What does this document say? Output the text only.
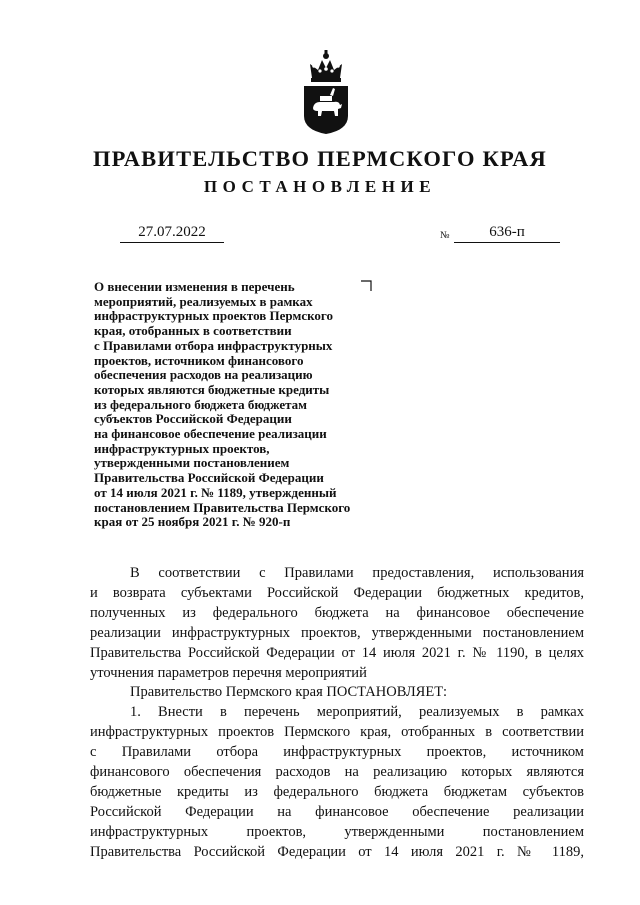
ПРАВИТЕЛЬСТВО ПЕРМСКОГО КРАЯ
ПОСТАНОВЛЕНИЕ
27.07.2022	№	636-п
О внесении изменения в перечень
мероприятий, реализуемых в рамках
инфраструктурных проектов Пермского
края, отобранных в соответствии
с Правилами отбора инфраструктурных
проектов, источником финансового
обеспечения расходов на реализацию
которых являются бюджетные кредиты
из федерального бюджета бюджетам
субъектов Российской Федерации
на финансовое обеспечение реализации
инфраструктурных проектов,
утвержденными постановлением
Правительства Российской Федерации
от 14 июля 2021 г. № 1189, утвержденный
постановлением Правительства Пермского
края от 25 ноября 2021 г. № 920-п
В соответствии с Правилами предоставления, использования
и возврата субъектами Российской Федерации бюджетных кредитов,
полученных из федерального бюджета на финансовое обеспечение
реализации инфраструктурных проектов, утвержденными постановлением
Правительства Российской Федерации от 14 июля 2021 г. № 1190, в целях
уточнения параметров перечня мероприятий
Правительство Пермского края ПОСТАНОВЛЯЕТ:
1. Внести в перечень мероприятий, реализуемых в рамках
инфраструктурных проектов Пермского края, отобранных в соответствии
с Правилами отбора инфраструктурных проектов, источником
финансового обеспечения расходов на реализацию которых являются
бюджетные кредиты из федерального бюджета бюджетам субъектов
Российской Федерации на финансовое обеспечение реализации
инфраструктурных проектов, утвержденными постановлением
Правительства Российской Федерации от 14 июля 2021 г. № 1189,
